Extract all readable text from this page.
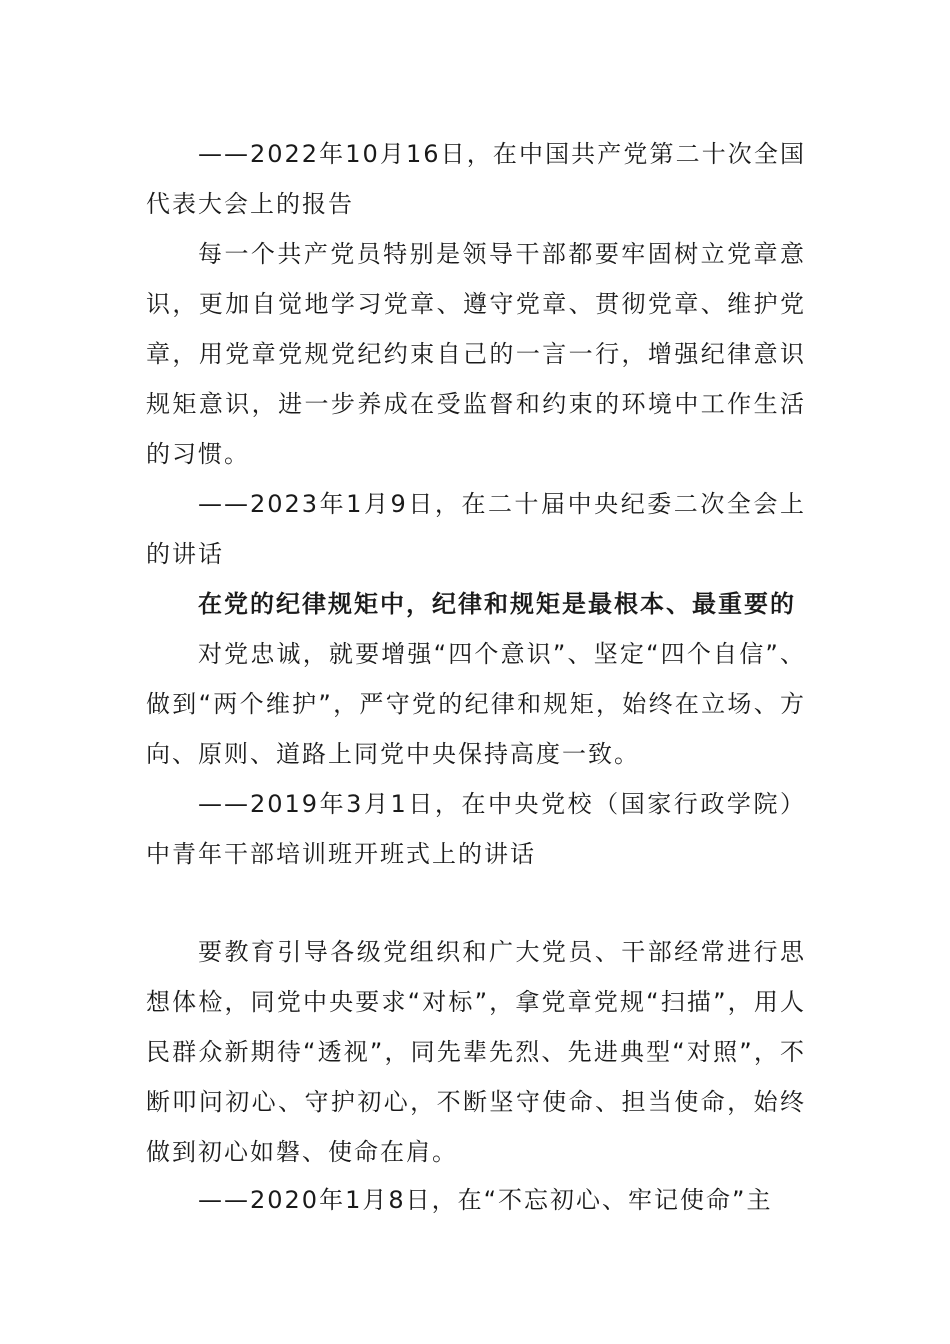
——2022年10月16日，在中国共产党第二十次全国代表大会上的报告

每一个共产党员特别是领导干部都要牢固树立党章意识，更加自觉地学习党章、遵守党章、贯彻党章、维护党章，用党章党规党纪约束自己的一言一行，增强纪律意识规矩意识，进一步养成在受监督和约束的环境中工作生活的习惯。

——2023年1月9日，在二十届中央纪委二次全会上的讲话

在党的纪律规矩中，纪律和规矩是最根本、最重要的

对党忠诚，就要增强“四个意识”、坚定“四个自信”、做到“两个维护”，严守党的纪律和规矩，始终在立场、方向、原则、道路上同党中央保持高度一致。

——2019年3月1日，在中央党校（国家行政学院）中青年干部培训班开班式上的讲话

要教育引导各级党组织和广大党员、干部经常进行思想体检，同党中央要求“对标”，拿党章党规“扫描”，用人民群众新期待“透视”，同先辈先烈、先进典型“对照”，不断叩问初心、守护初心，不断坚守使命、担当使命，始终做到初心如磐、使命在肩。

——2020年1月8日，在“不忘初心、牢记使命”主
